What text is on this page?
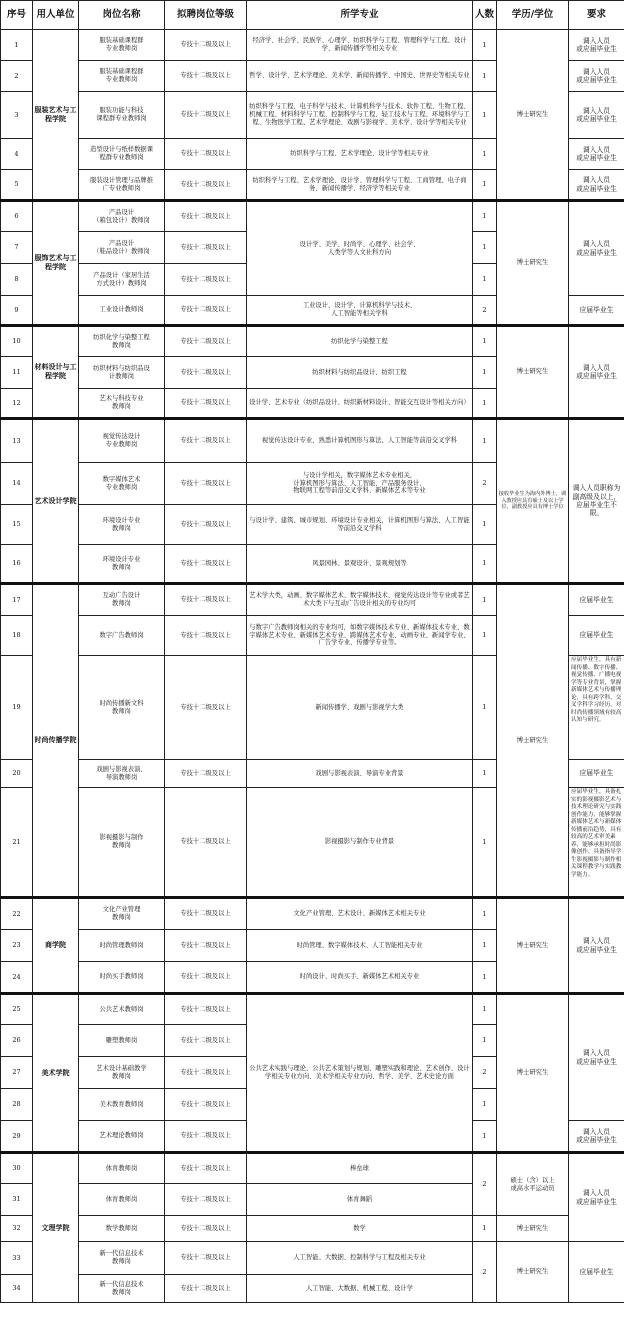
序号	用人单位	岗位名称	拟聘岗位等级	所学专业	人数	学历/学位	要求
1	服装艺术与工程学院	服装基础课程群
专业教师岗	专技十二级及以上	经济学、社会学、民族学、心理学、纺织科学与工程、管理科学与工程、设计学、新闻传播学等相关专业	1	博士研究生	调入人员
或应届毕业生
2		服装基础课程群
专业教师岗	专技十二级及以上	哲学、设计学、艺术学理论、美术学、新闻传播学、中国史、世界史等相关专业	1		调入人员
或应届毕业生
3		服装功能与科技
课程群专业教师岗	专技十二级及以上	纺织科学与工程、电子科学与技术、计算机科学与技术、软件工程、生物工程、机械工程、材料科学与工程、控制科学与工程、轻工技术与工程、环境科学与工程、生物医学工程、艺术学理论、戏剧与影视学、美术学、设计学等相关专业	1		调入人员
或应届毕业生
4		造型设计与纸样数据课
程群专业教师岗	专技十二级及以上	纺织科学与工程、艺术学理论、设计学等相关专业	1		调入人员
或应届毕业生
5		服装设计管理与品牌推
广专业教师岗	专技十二级及以上	纺织科学与工程、艺术学理论、设计学、管理科学与工程、工商管理、电子商务、新闻传播学、经济学等相关专业	1		调入人员
或应届毕业生
6	服饰艺术与工程学院	产品设计
（箱包设计）教师岗	专技十二级及以上	设计学、美学、时尚学、心理学、社会学、
人类学等人文社科方向	1	博士研究生	调入人员
或应届毕业生
7		产品设计
（鞋品设计）教师岗	专技十二级及以上		1		
8		产品设计（家居生活
方式设计）教师岗	专技十二级及以上		1		
9		工业设计教师岗	专技十二级及以上	工业设计、设计学、计算机科学与技术、
人工智能等相关学科	2		应届毕业生
10	材料设计与工程学院	纺织化学与染整工程
教师岗	专技十二级及以上	纺织化学与染整工程	1	博士研究生	调入人员
或应届毕业生
11		纺织材料与纺织品设
计教师岗	专技十二级及以上	纺织材料与纺织品设计、纺织工程	1		
12		艺术与科技专业
教师岗	专技十二级及以上	设计学、艺术专业（纺织品设计、纺织新材料设计、智能交互设计等相关方向）	1		
13	艺术设计学院	视觉传达设计
专业教师岗	专技十二级及以上	视觉传达设计专业，熟悉计算机图形与算法、人工智能等前沿交叉学科	1	接收毕业生为海内外博士，调入教授应具有硕士及以上学位，副教授应具有博士学位	调入人员职称为副高级及以上，应届毕业生不限。
14		数字媒体艺术
专业教师岗	专技十二级及以上	与设计学相关，数字媒体艺术专业相关，
计算机图形与算法、人工智能、产品服务设计、
物联网工程等前沿交叉学科、新媒体艺术等专业	2		
15		环境设计专业
教师岗	专技十二级及以上	与设计学、建筑、城市规划、环境设计专业相关，计算机图形与算法、人工智能等前沿交叉学科	1		
16		环境设计专业
教师岗	专技十二级及以上	风景园林、景观设计、景观规划等	1		
17	时尚传播学院	互动广告设计
教师岗	专技十二级及以上	艺术学大类，动画、数字媒体艺术、数字媒体技术、视觉传达设计等专业或者艺术大类下与互动广告设计相关的专业均可	1	博士研究生	应届毕业生
18		数字广告教师岗	专技十二级及以上	与数字广告教师岗相关的专业均可，如数字媒体技术专业、新媒体技术专业、数字媒体艺术专业、新媒体艺术专业、跨媒体艺术专业、动画专业、新闻学专业、广告学专业、传播学专业等。	1		应届毕业生
19		时尚传播新文科
教师岗	专技十二级及以上	新闻传播学、戏剧与影视学大类	1		应届毕业生，具有新闻传播、数字传播、视觉传播、广播电视学等专业背景，掌握新媒体艺术与传播理论，具有跨学科、交叉学科学习经历，对时尚传播领域有较高认知与研究。
20		戏剧与影视表演、
导演教师岗	专技十二级及以上	戏剧与影视表演、导演专业背景	1		应届毕业生
21		影视摄影与制作
教师岗	专技十二级及以上	影视摄影与制作专业背景	1		应届毕业生，具备扎实的影视摄影艺术与技术理论研究与实践创作能力，能够掌握新媒体艺术与新媒体传播前沿趋势，具有较高的艺术审美素养，能够承担时尚影像创作、具备指导学生影视摄影与制作相关课程教学与实践教学能力。
22	商学院	文化产业管理
教师岗	专技十二级及以上	文化产业管理、艺术设计、新媒体艺术相关专业	1	博士研究生	调入人员
或应届毕业生
23		时尚管理教师岗	专技十二级及以上	时尚管理、数字媒体技术、人工智能相关专业	1		
24		时尚买手教师岗	专技十二级及以上	时尚设计、时尚买手、新媒体艺术相关专业	1		
25	美术学院	公共艺术教师岗	专技十二级及以上	公共艺术实践与理论、公共艺术策划与规划、雕塑实践和理论、艺术创作、设计学相关专业方向、美术学相关专业方向、哲学、美学、艺术史论方面	1	博士研究生	调入人员
或应届毕业生
26		雕塑教师岗	专技十二级及以上		1		
27		艺术设计基础教学
教师岗	专技十二级及以上		2		
28		美术教育教师岗	专技十二级及以上		1		
29		艺术理论教师岗	专技十二级及以上		1		调入人员
或应届毕业生
30	文理学院	体育教师岗	专技十二级及以上	棒垒球	2	硕士（含）以上
或高水平运动员	调入人员
或应届毕业生
31		体育教师岗	专技十二级及以上	体育舞蹈			
32		数学教师岗	专技十二级及以上	数学	1	博士研究生	
33		新一代信息技术
教师岗	专技十二级及以上	人工智能、大数据、控制科学与工程及相关专业	2	博士研究生	应届毕业生
34		新一代信息技术
教师岗	专技十二级及以上	人工智能、大数据、机械工程、设计学			
